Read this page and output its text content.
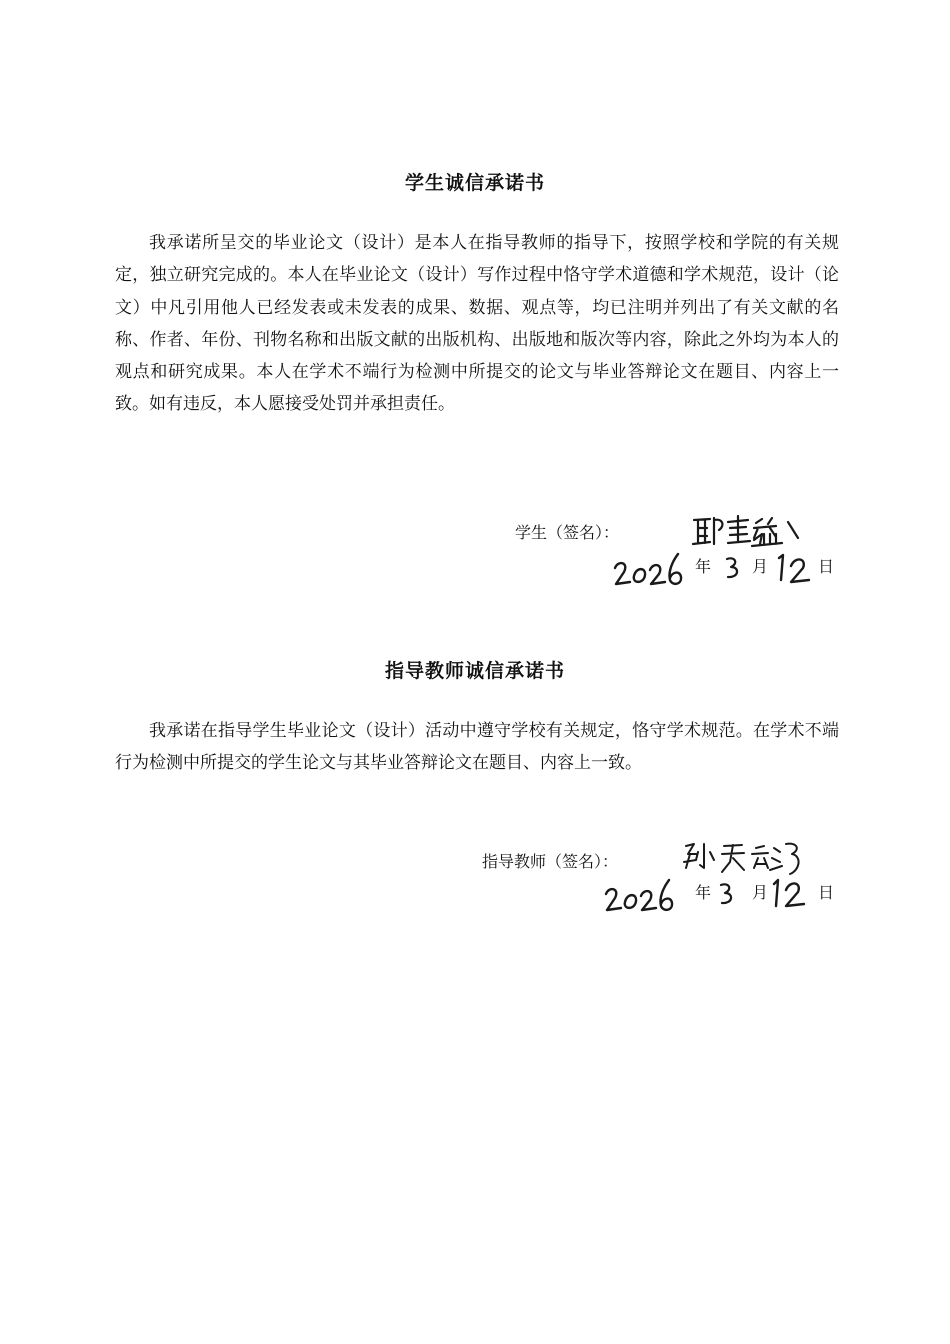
学生诚信承诺书

我承诺所呈交的毕业论文（设计）是本人在指导教师的指导下，按照学校和学院的有关规定，独立研究完成的。本人在毕业论文（设计）写作过程中恪守学术道德和学术规范，设计（论文）中凡引用他人已经发表或未发表的成果、数据、观点等，均已注明并列出了有关文献的名称、作者、年份、刊物名称和出版文献的出版机构、出版地和版次等内容，除此之外均为本人的观点和研究成果。本人在学术不端行为检测中所提交的论文与毕业答辩论文在题目、内容上一致。如有违反，本人愿接受处罚并承担责任。

学生（签名）：
年	月	日
指导教师诚信承诺书

我承诺在指导学生毕业论文（设计）活动中遵守学校有关规定，恪守学术规范。在学术不端行为检测中所提交的学生论文与其毕业答辩论文在题目、内容上一致。

指导教师（签名）：
年	月	日
